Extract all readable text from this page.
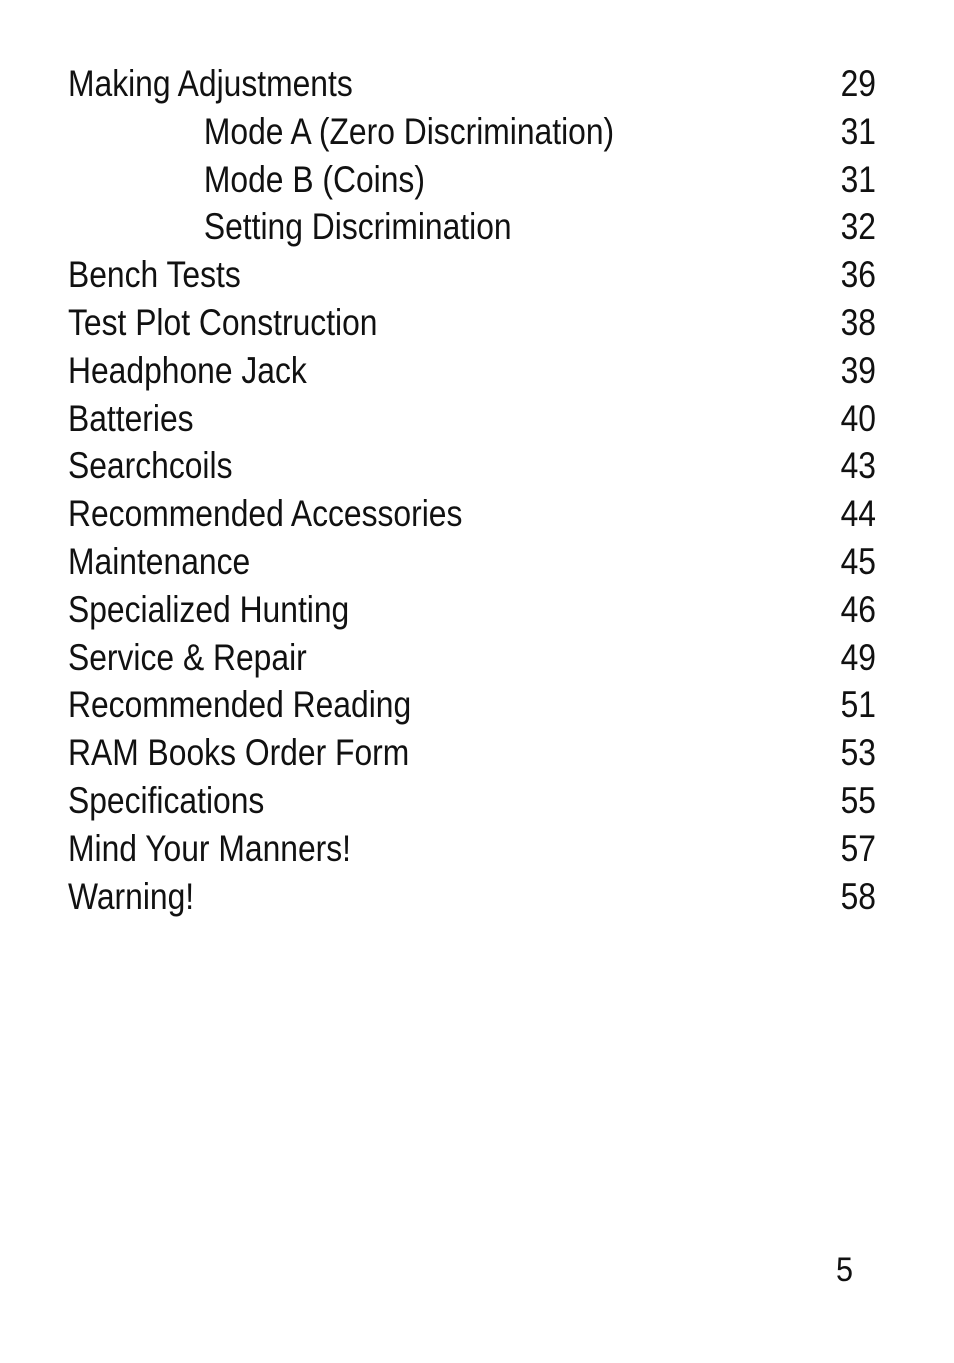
Making Adjustments	29
Mode A (Zero Discrimination)	31
Mode B (Coins)	31
Setting Discrimination	32
Bench Tests	36
Test Plot Construction	38
Headphone Jack	39
Batteries	40
Searchcoils	43
Recommended Accessories	44
Maintenance	45
Specialized Hunting	46
Service & Repair	49
Recommended Reading	51
RAM Books Order Form	53
Specifications	55
Mind Your Manners!	57
Warning!	58
5
